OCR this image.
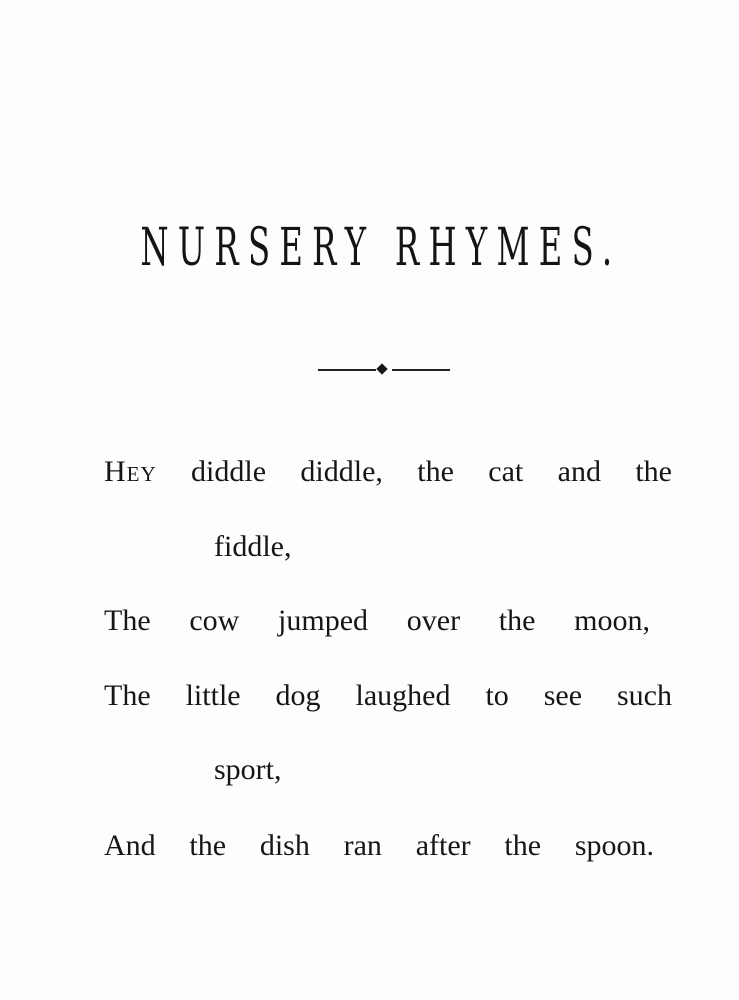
NURSERY RHYMES.

Hey diddle diddle, the cat and the

fiddle,

The cow jumped over the moon,

The little dog laughed to see such

sport,

And the dish ran after the spoon.
